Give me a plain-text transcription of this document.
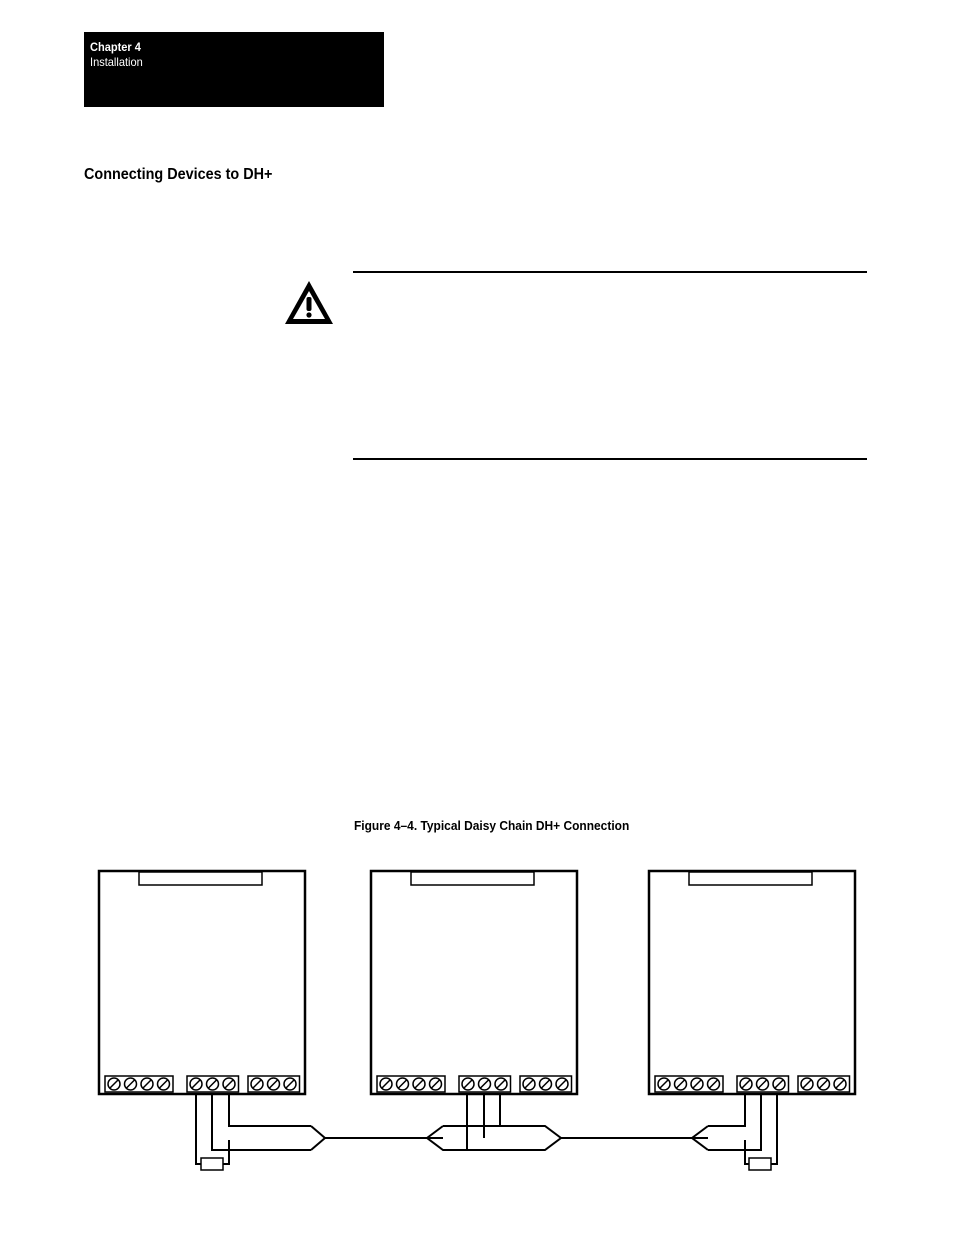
Chapter 4
Installation
Connecting Devices to DH+
Figure 4–4. Typical Daisy Chain DH+ Connection
